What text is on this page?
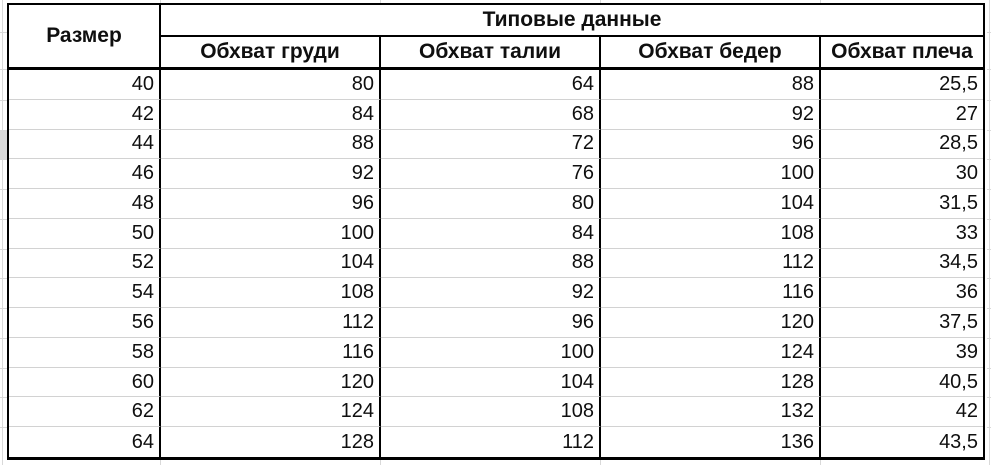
Размер
Типовые данные
Обхват груди	Обхват талии	Обхват бедер	Обхват плеча
40	80	64	88	25,5
42	84	68	92	27
44	88	72	96	28,5
46	92	76	100	30
48	96	80	104	31,5
50	100	84	108	33
52	104	88	112	34,5
54	108	92	116	36
56	112	96	120	37,5
58	116	100	124	39
60	120	104	128	40,5
62	124	108	132	42
64	128	112	136	43,5
